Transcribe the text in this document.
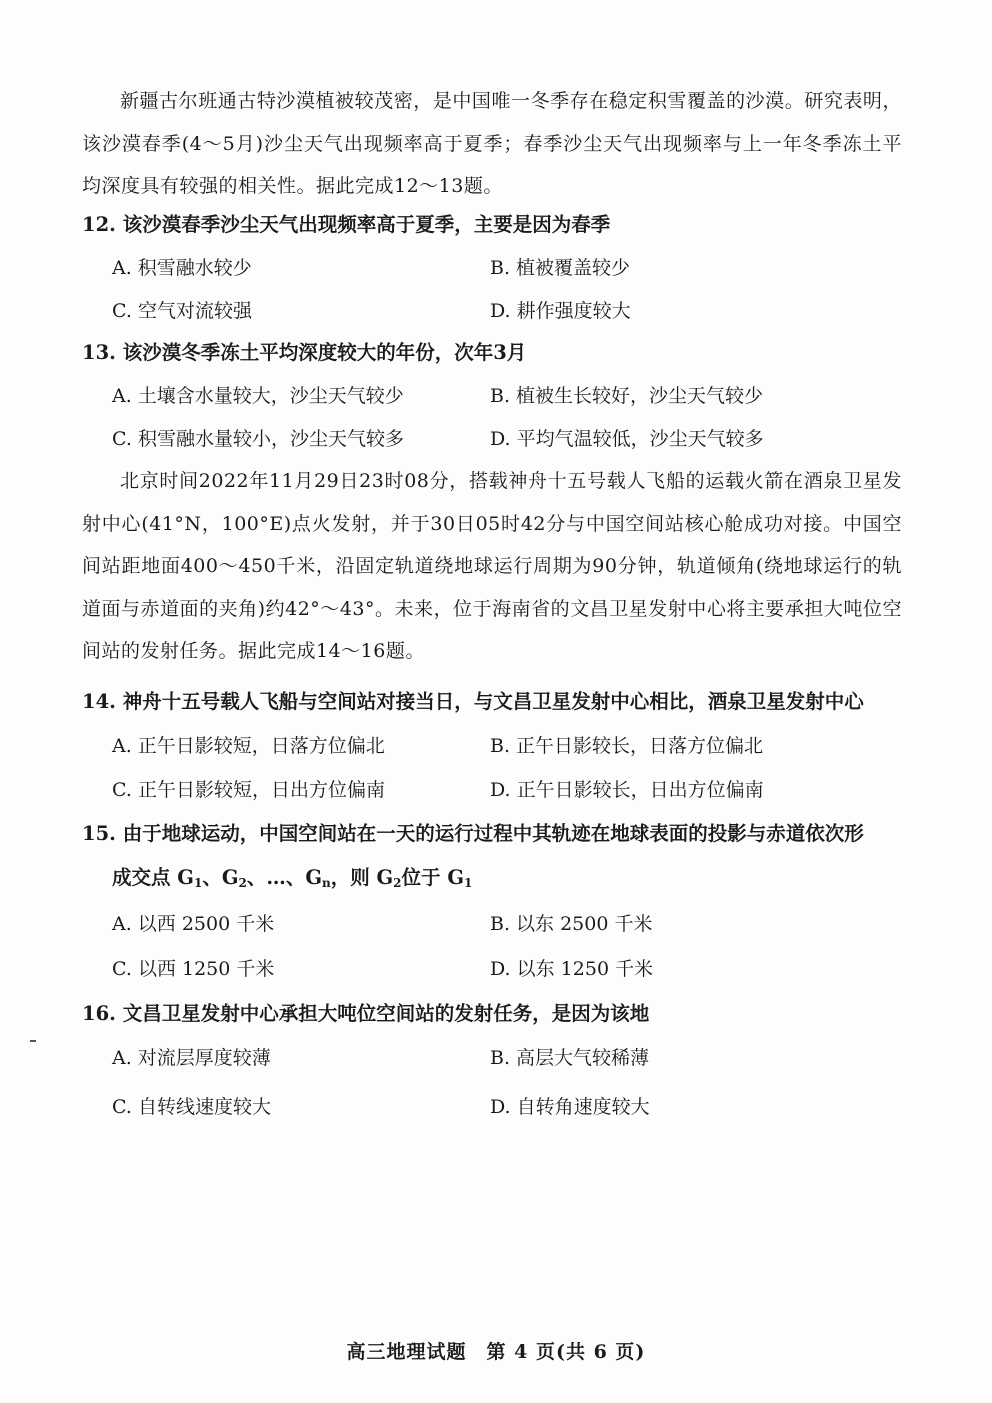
新疆古尔班通古特沙漠植被较茂密，是中国唯一冬季存在稳定积雪覆盖的沙漠。研究表明，该沙漠春季(4～5月)沙尘天气出现频率高于夏季；春季沙尘天气出现频率与上一年冬季冻土平均深度具有较强的相关性。据此完成12～13题。

12. 该沙漠春季沙尘天气出现频率高于夏季，主要是因为春季

A. 积雪融水较少	B. 植被覆盖较少
C. 空气对流较强	D. 耕作强度较大

13. 该沙漠冬季冻土平均深度较大的年份，次年3月

A. 土壤含水量较大，沙尘天气较少	B. 植被生长较好，沙尘天气较少
C. 积雪融水量较小，沙尘天气较多	D. 平均气温较低，沙尘天气较多

北京时间2022年11月29日23时08分，搭载神舟十五号载人飞船的运载火箭在酒泉卫星发射中心(41°N，100°E)点火发射，并于30日05时42分与中国空间站核心舱成功对接。中国空间站距地面400～450千米，沿固定轨道绕地球运行周期为90分钟，轨道倾角(绕地球运行的轨道面与赤道面的夹角)约42°～43°。未来，位于海南省的文昌卫星发射中心将主要承担大吨位空间站的发射任务。据此完成14～16题。

14. 神舟十五号载人飞船与空间站对接当日，与文昌卫星发射中心相比，酒泉卫星发射中心

A. 正午日影较短，日落方位偏北	B. 正午日影较长，日落方位偏北
C. 正午日影较短，日出方位偏南	D. 正午日影较长，日出方位偏南

15. 由于地球运动，中国空间站在一天的运行过程中其轨迹在地球表面的投影与赤道依次形

成交点 $G_1$、$G_2$、…、$G_n$，则 $G_2$位于 $G_1$

A. 以西 2500 千米	B. 以东 2500 千米
C. 以西 1250 千米	D. 以东 1250 千米

16. 文昌卫星发射中心承担大吨位空间站的发射任务，是因为该地

A. 对流层厚度较薄	B. 高层大气较稀薄
C. 自转线速度较大	D. 自转角速度较大
高三地理试题　第 4 页(共 6 页)
